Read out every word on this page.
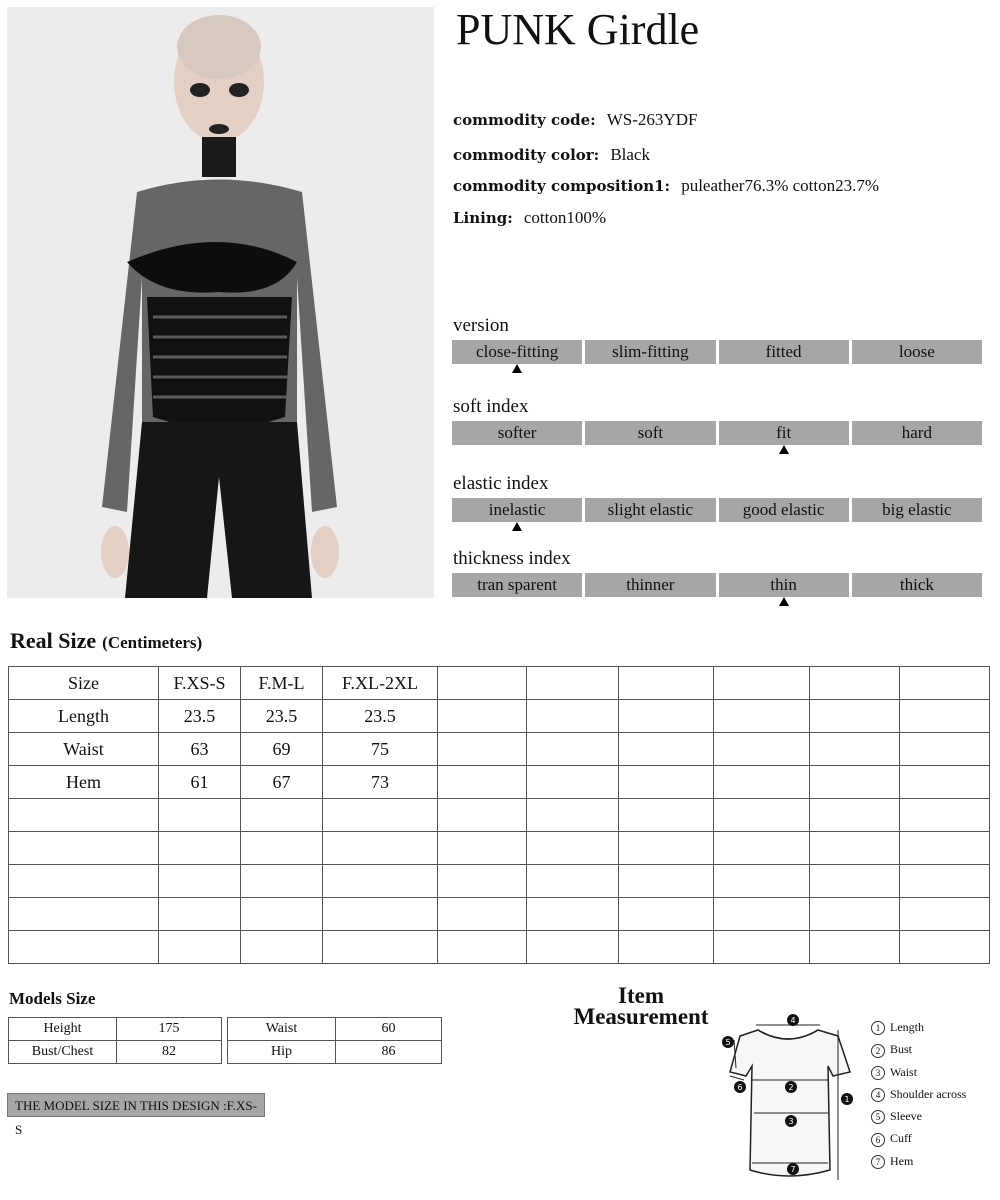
PUNK Girdle
commodity code: WS-263YDF
commodity color: Black
commodity composition1: puleather76.3% cotton23.7%
Lining: cotton100%
version
close-fitting	slim-fitting	fitted	loose
soft index
softer	soft	fit	hard
elastic index
inelastic	slight elastic	good elastic	big elastic
thickness index
tran sparent	thinner	thin	thick
Real Size (Centimeters)
Size	F.XS-S	F.M-L	F.XL-2XL						
Length	23.5	23.5	23.5						
Waist	63	69	75						
Hem	61	67	73						

Models Size
Height	175
Bust/Chest	82
Waist	60
Hip	86
THE MODEL SIZE IN THIS DESIGN :F.XS-S
Item
Measurement	4
2
3
7
1
5
6
1 Length
2 Bust
3 Waist
4 Shoulder across
5 Sleeve
6 Cuff
7 Hem
